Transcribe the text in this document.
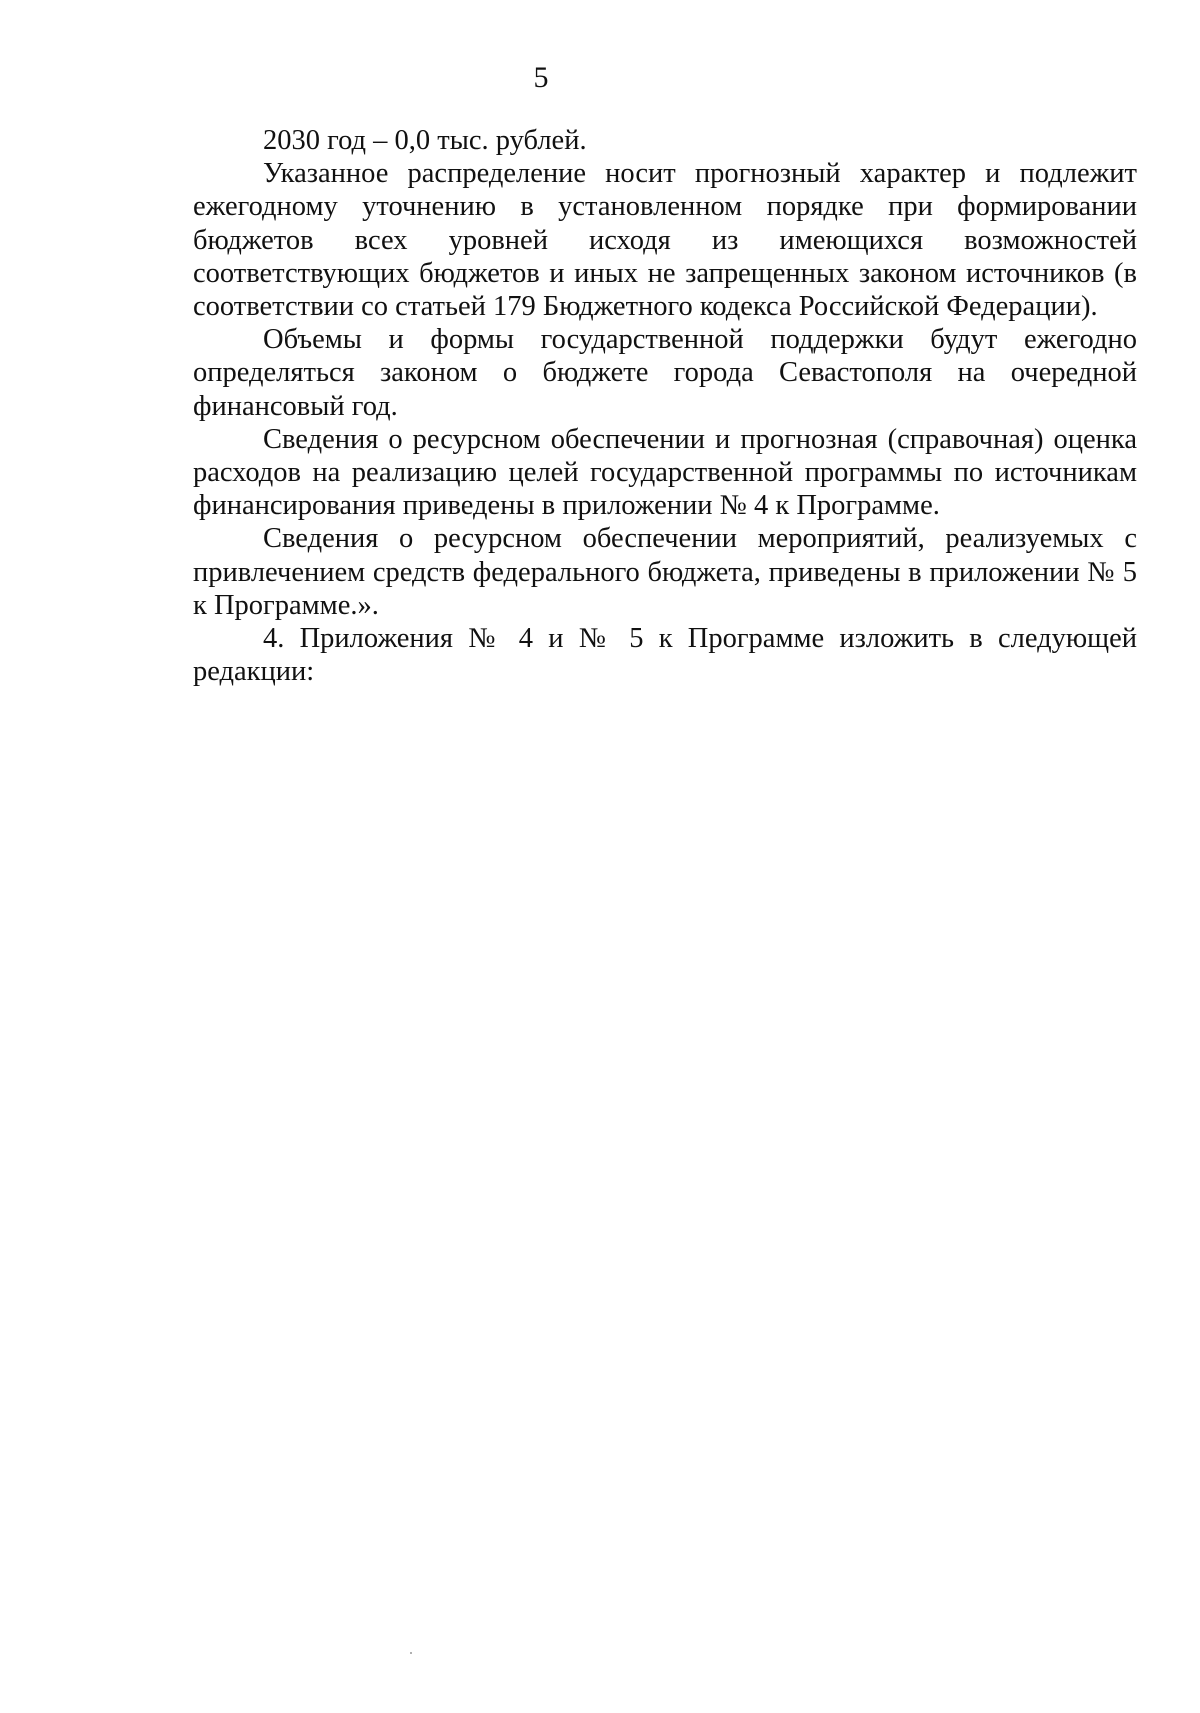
5

2030 год – 0,0 тыс. рублей.

Указанное распределение носит прогнозный характер и подлежит ежегодному уточнению в установленном порядке при формировании бюджетов всех уровней исходя из имеющихся возможностей соответствующих бюджетов и иных не запрещенных законом источников (в соответствии со статьей 179 Бюджетного кодекса Российской Федерации).

Объемы и формы государственной поддержки будут ежегодно определяться законом о бюджете города Севастополя на очередной финансовый год.

Сведения о ресурсном обеспечении и прогнозная (справочная) оценка расходов на реализацию целей государственной программы по источникам финансирования приведены в приложении № 4 к Программе.

Сведения о ресурсном обеспечении мероприятий, реализуемых с привлечением средств федерального бюджета, приведены в приложении № 5 к Программе.».

4. Приложения № 4 и № 5 к Программе изложить в следующей редакции:
